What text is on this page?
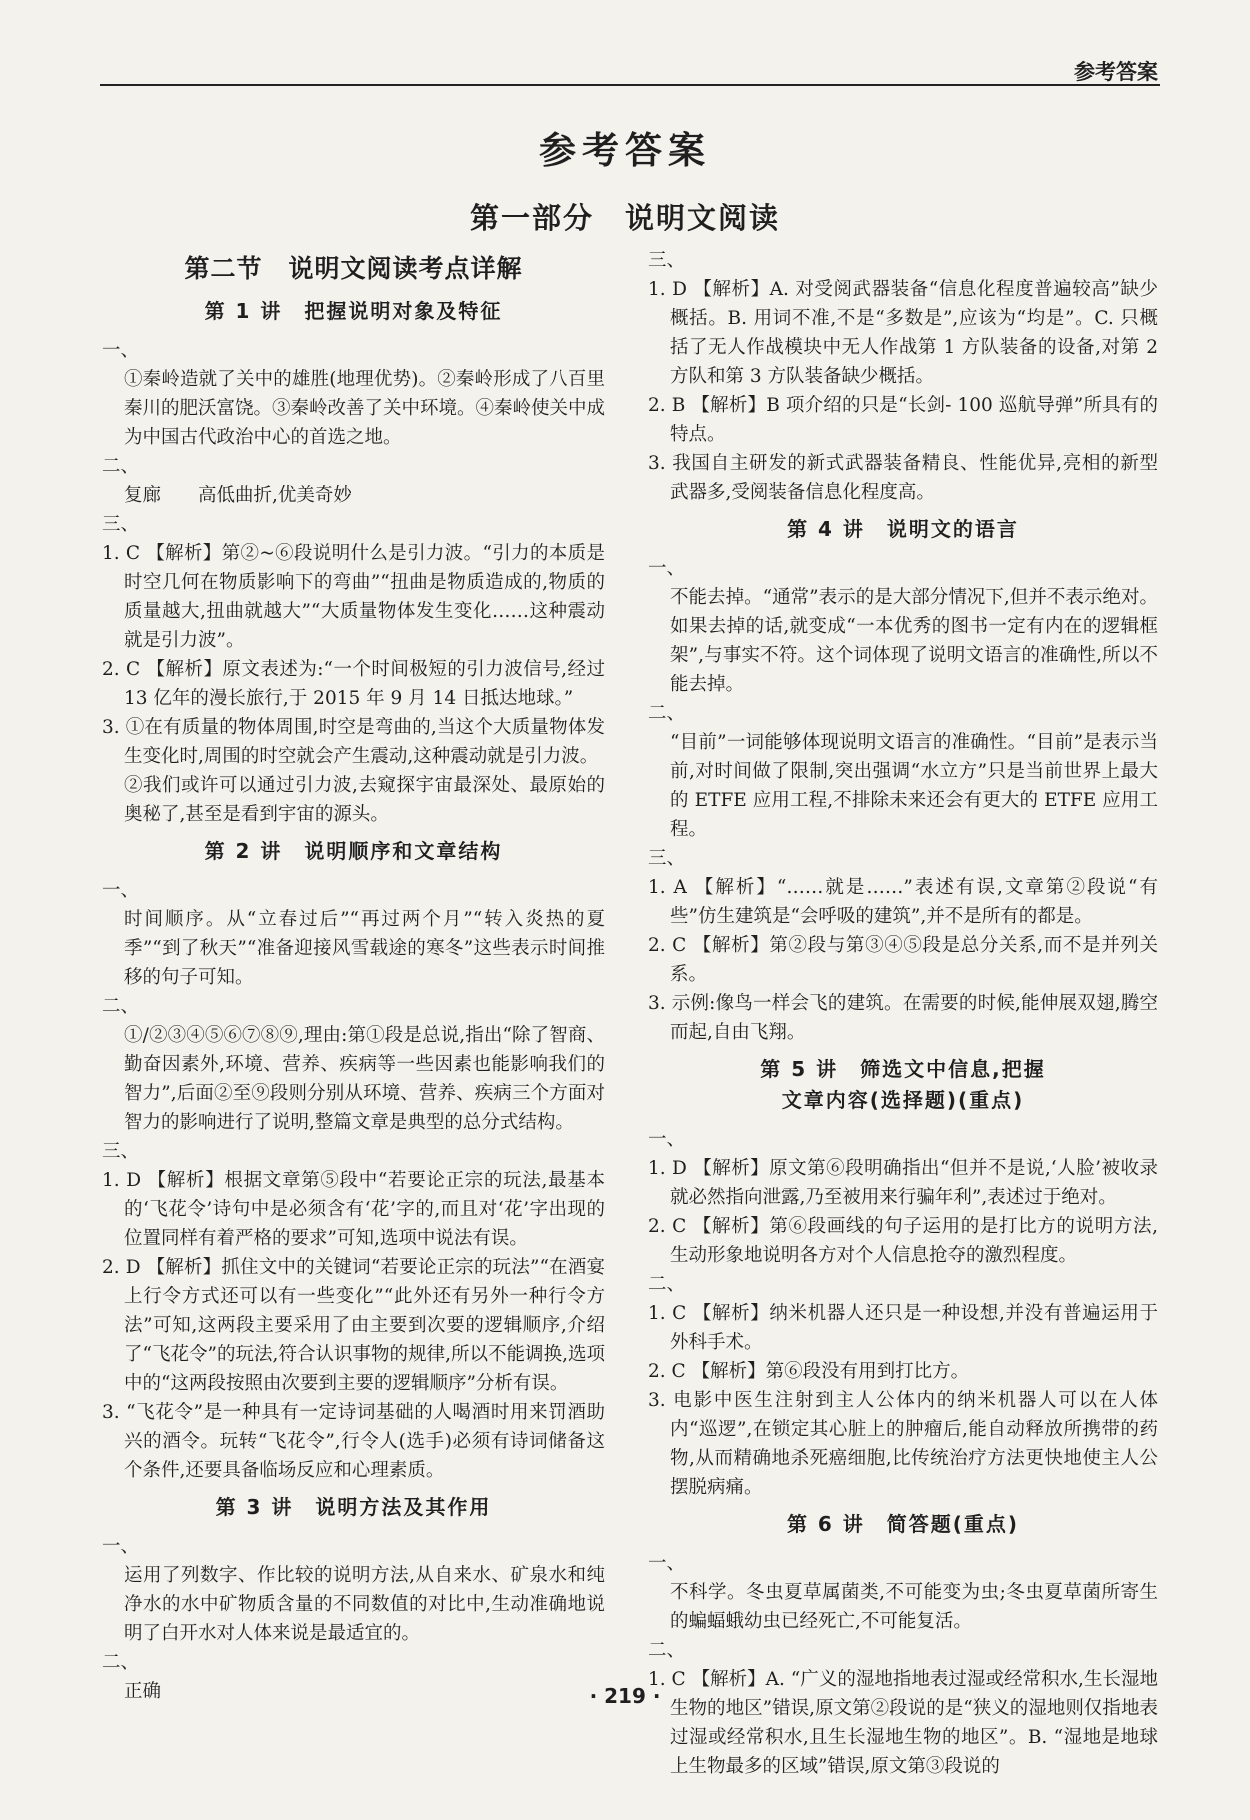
参考答案
参考答案
第一部分　说明文阅读
第二节　说明文阅读考点详解
第 1 讲　把握说明对象及特征

一、

①秦岭造就了关中的雄胜(地理优势)。②秦岭形成了八百里秦川的肥沃富饶。③秦岭改善了关中环境。④秦岭使关中成为中国古代政治中心的首选之地。

二、

复廊　　高低曲折,优美奇妙

三、

1. C 【解析】第②~⑥段说明什么是引力波。“引力的本质是时空几何在物质影响下的弯曲”“扭曲是物质造成的,物质的质量越大,扭曲就越大”“大质量物体发生变化……这种震动就是引力波”。

2. C 【解析】原文表述为:“一个时间极短的引力波信号,经过 13 亿年的漫长旅行,于 2015 年 9 月 14 日抵达地球。”

3. ①在有质量的物体周围,时空是弯曲的,当这个大质量物体发生变化时,周围的时空就会产生震动,这种震动就是引力波。

②我们或许可以通过引力波,去窥探宇宙最深处、最原始的奥秘了,甚至是看到宇宙的源头。

第 2 讲　说明顺序和文章结构

一、

时间顺序。从“立春过后”“再过两个月”“转入炎热的夏季”“到了秋天”“准备迎接风雪载途的寒冬”这些表示时间推移的句子可知。

二、

①/②③④⑤⑥⑦⑧⑨,理由:第①段是总说,指出“除了智商、勤奋因素外,环境、营养、疾病等一些因素也能影响我们的智力”,后面②至⑨段则分别从环境、营养、疾病三个方面对智力的影响进行了说明,整篇文章是典型的总分式结构。

三、

1. D 【解析】根据文章第⑤段中“若要论正宗的玩法,最基本的‘飞花令’诗句中是必须含有‘花’字的,而且对‘花’字出现的位置同样有着严格的要求”可知,选项中说法有误。

2. D 【解析】抓住文中的关键词“若要论正宗的玩法”“在酒宴上行令方式还可以有一些变化”“此外还有另外一种行令方法”可知,这两段主要采用了由主要到次要的逻辑顺序,介绍了“飞花令”的玩法,符合认识事物的规律,所以不能调换,选项中的“这两段按照由次要到主要的逻辑顺序”分析有误。

3. “飞花令”是一种具有一定诗词基础的人喝酒时用来罚酒助兴的酒令。玩转“飞花令”,行令人(选手)必须有诗词储备这个条件,还要具备临场反应和心理素质。

第 3 讲　说明方法及其作用

一、

运用了列数字、作比较的说明方法,从自来水、矿泉水和纯净水的水中矿物质含量的不同数值的对比中,生动准确地说明了白开水对人体来说是最适宜的。

二、

正确

三、

1. D 【解析】A. 对受阅武器装备“信息化程度普遍较高”缺少概括。B. 用词不准,不是“多数是”,应该为“均是”。C. 只概括了无人作战模块中无人作战第 1 方队装备的设备,对第 2 方队和第 3 方队装备缺少概括。

2. B 【解析】B 项介绍的只是“长剑- 100 巡航导弹”所具有的特点。

3. 我国自主研发的新式武器装备精良、性能优异,亮相的新型武器多,受阅装备信息化程度高。

第 4 讲　说明文的语言

一、

不能去掉。“通常”表示的是大部分情况下,但并不表示绝对。如果去掉的话,就变成“一本优秀的图书一定有内在的逻辑框架”,与事实不符。这个词体现了说明文语言的准确性,所以不能去掉。

二、

“目前”一词能够体现说明文语言的准确性。“目前”是表示当前,对时间做了限制,突出强调“水立方”只是当前世界上最大的 ETFE 应用工程,不排除未来还会有更大的 ETFE 应用工程。

三、

1. A 【解析】“……就是……”表述有误,文章第②段说“有些”仿生建筑是“会呼吸的建筑”,并不是所有的都是。

2. C 【解析】第②段与第③④⑤段是总分关系,而不是并列关系。

3. 示例:像鸟一样会飞的建筑。在需要的时候,能伸展双翅,腾空而起,自由飞翔。

第 5 讲　筛选文中信息,把握
文章内容(选择题)(重点)

一、

1. D 【解析】原文第⑥段明确指出“但并不是说,‘人脸’被收录就必然指向泄露,乃至被用来行骗年利”,表述过于绝对。

2. C 【解析】第⑥段画线的句子运用的是打比方的说明方法,生动形象地说明各方对个人信息抢夺的激烈程度。

二、

1. C 【解析】纳米机器人还只是一种设想,并没有普遍运用于外科手术。

2. C 【解析】第⑥段没有用到打比方。

3. 电影中医生注射到主人公体内的纳米机器人可以在人体内“巡逻”,在锁定其心脏上的肿瘤后,能自动释放所携带的药物,从而精确地杀死癌细胞,比传统治疗方法更快地使主人公摆脱病痛。

第 6 讲　简答题(重点)

一、

不科学。冬虫夏草属菌类,不可能变为虫;冬虫夏草菌所寄生的蝙蝠蛾幼虫已经死亡,不可能复活。

二、

1. C 【解析】A. “广义的湿地指地表过湿或经常积水,生长湿地生物的地区”错误,原文第②段说的是“狭义的湿地则仅指地表过湿或经常积水,且生长湿地生物的地区”。B. “湿地是地球上生物最多的区域”错误,原文第③段说的

· 219 ·
